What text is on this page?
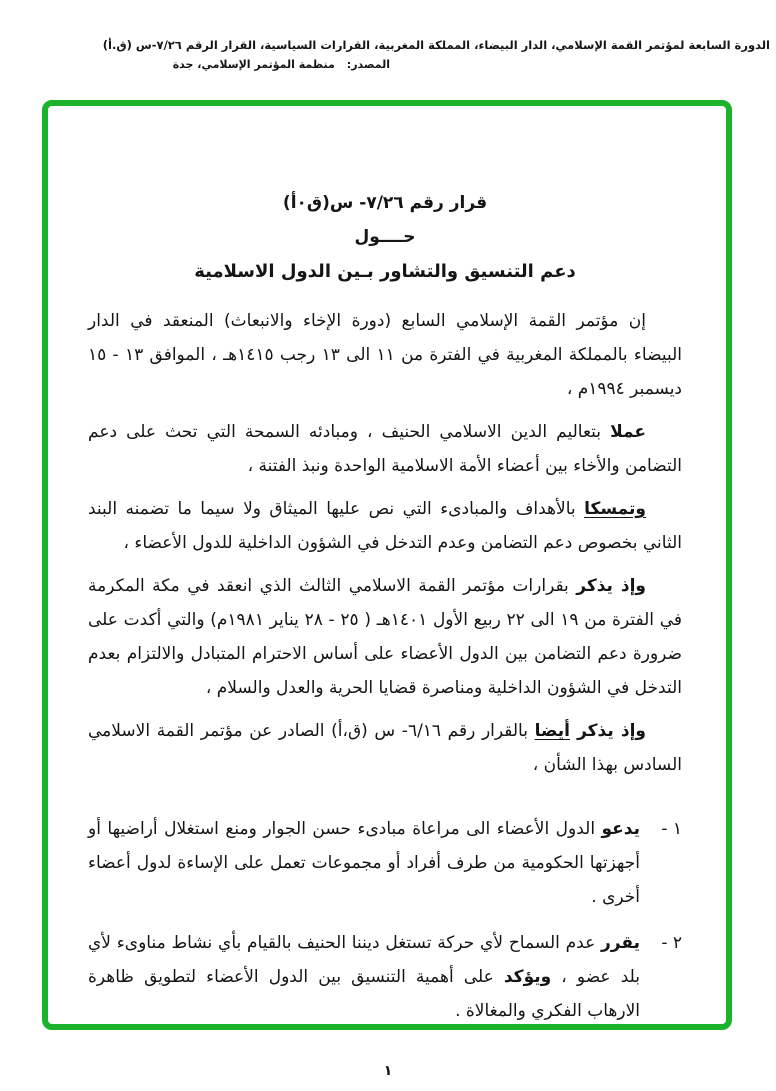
الدورة السابعة لمؤتمر القمة الإسلامي، الدار البيضاء، المملكة المغربية، القرارات السياسية، القرار الرقم ٧/٢٦-س (ق.أ)
المصدر:منظمة المؤتمر الإسلامي، جدة
قرار رقم ٧/٢٦- س(ق٠أ)
حــــول
دعم التنسيق والتشاور بـين الدول الاسلامية

إن مؤتمر القمة الإسلامي السابع (دورة الإخاء والانبعاث) المنعقد في الدار البيضاء بالمملكة المغربية في الفترة من ١١ الى ١٣ رجب ١٤١٥هـ ، الموافق ١٣ - ١٥ ديسمبر ١٩٩٤م ،

عملا بتعاليم الدين الاسلامي الحنيف ، ومبادئه السمحة التي تحث على دعم التضامن والأخاء بين أعضاء الأمة الاسلامية الواحدة ونبذ الفتنة ،

وتمسكا بالأهداف والمبادىء التي نص عليها الميثاق ولا سيما ما تضمنه البند الثاني بخصوص دعم التضامن وعدم التدخل في الشؤون الداخلية للدول الأعضاء ،

وإذ يذكر بقرارات مؤتمر القمة الاسلامي الثالث الذي انعقد في مكة المكرمة في الفترة من ١٩ الى ٢٢ ربيع الأول ١٤٠١هـ ( ٢٥ - ٢٨ يناير ١٩٨١م) والتي أكدت على ضرورة دعم التضامن بين الدول الأعضاء على أساس الاحترام المتبادل والالتزام بعدم التدخل في الشؤون الداخلية ومناصرة قضايا الحرية والعدل والسلام ،

وإذ يذكر أيضا بالقرار رقم ٦/١٦- س (ق،أ) الصادر عن مؤتمر القمة الاسلامي السادس بهذا الشأن ،

١ -
يدعو الدول الأعضاء الى مراعاة مبادىء حسن الجوار ومنع استغلال أراضيها أو أجهزتها الحكومية من طرف أفراد أو مجموعات تعمل على الإساءة لدول أعضاء أخرى .
٢ -
يقرر عدم السماح لأي حركة تستغل ديننا الحنيف بالقيام بأي نشاط مناوىء لأي بلد عضو ، ويؤكد على أهمية التنسيق بين الدول الأعضاء لتطويق ظاهرة الارهاب الفكري والمغالاة .
١
